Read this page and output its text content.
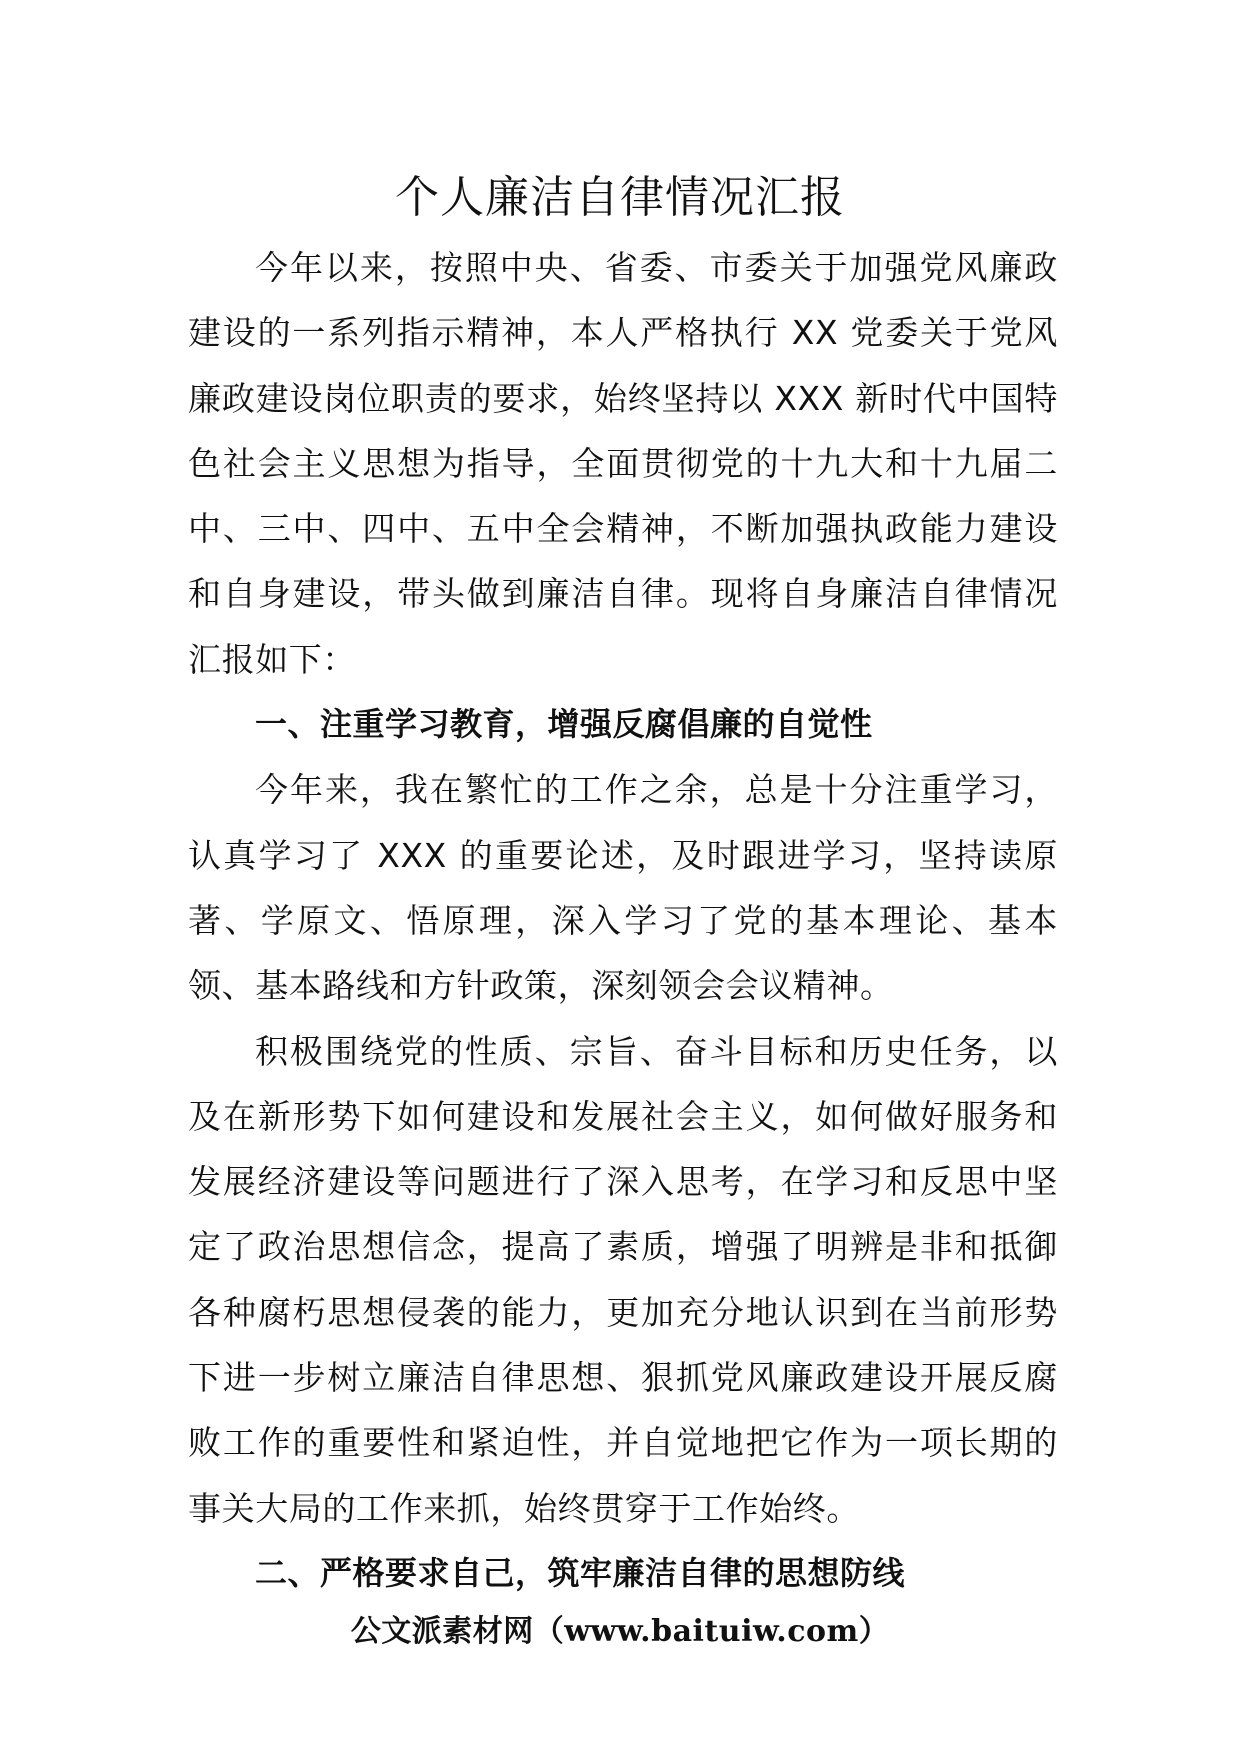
个人廉洁自律情况汇报

今年以来，按照中央、省委、市委关于加强党风廉政建设的一系列指示精神，本人严格执行 XX 党委关于党风廉政建设岗位职责的要求，始终坚持以 XXX 新时代中国特色社会主义思想为指导，全面贯彻党的十九大和十九届二中、三中、四中、五中全会精神，不断加强执政能力建设和自身建设，带头做到廉洁自律。现将自身廉洁自律情况汇报如下：

一、注重学习教育，增强反腐倡廉的自觉性

今年来，我在繁忙的工作之余，总是十分注重学习，认真学习了 XXX 的重要论述，及时跟进学习，坚持读原著、学原文、悟原理，深入学习了党的基本理论、基本领、基本路线和方针政策，深刻领会会议精神。

积极围绕党的性质、宗旨、奋斗目标和历史任务，以及在新形势下如何建设和发展社会主义，如何做好服务和发展经济建设等问题进行了深入思考，在学习和反思中坚定了政治思想信念，提高了素质，增强了明辨是非和抵御各种腐朽思想侵袭的能力，更加充分地认识到在当前形势下进一步树立廉洁自律思想、狠抓党风廉政建设开展反腐败工作的重要性和紧迫性，并自觉地把它作为一项长期的事关大局的工作来抓，始终贯穿于工作始终。

二、严格要求自己，筑牢廉洁自律的思想防线

公文派素材网（www.baituiw.com）
